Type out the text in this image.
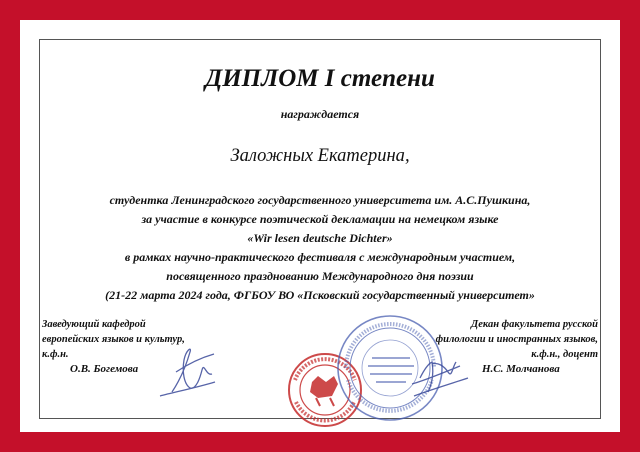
ДИПЛОМ I степени
награждается
Заложных Екатерина,
студентка Ленинградского государственного университета им. А.С.Пушкина,
за участие в конкурсе поэтической декламации на немецком языке
«Wir lesen deutsche Dichter»
в рамках научно-практического фестиваля с международным участием,
посвященного празднованию Международного дня поэзии
(21-22 марта 2024 года, ФГБОУ ВО «Псковский государственный университет»
Заведующий кафедрой
европейских языков и культур,
к.ф.н.
О.В. Богемова
Декан факультета русской
филологии и иностранных языков,
к.ф.н., доцент
Н.С. Молчанова
